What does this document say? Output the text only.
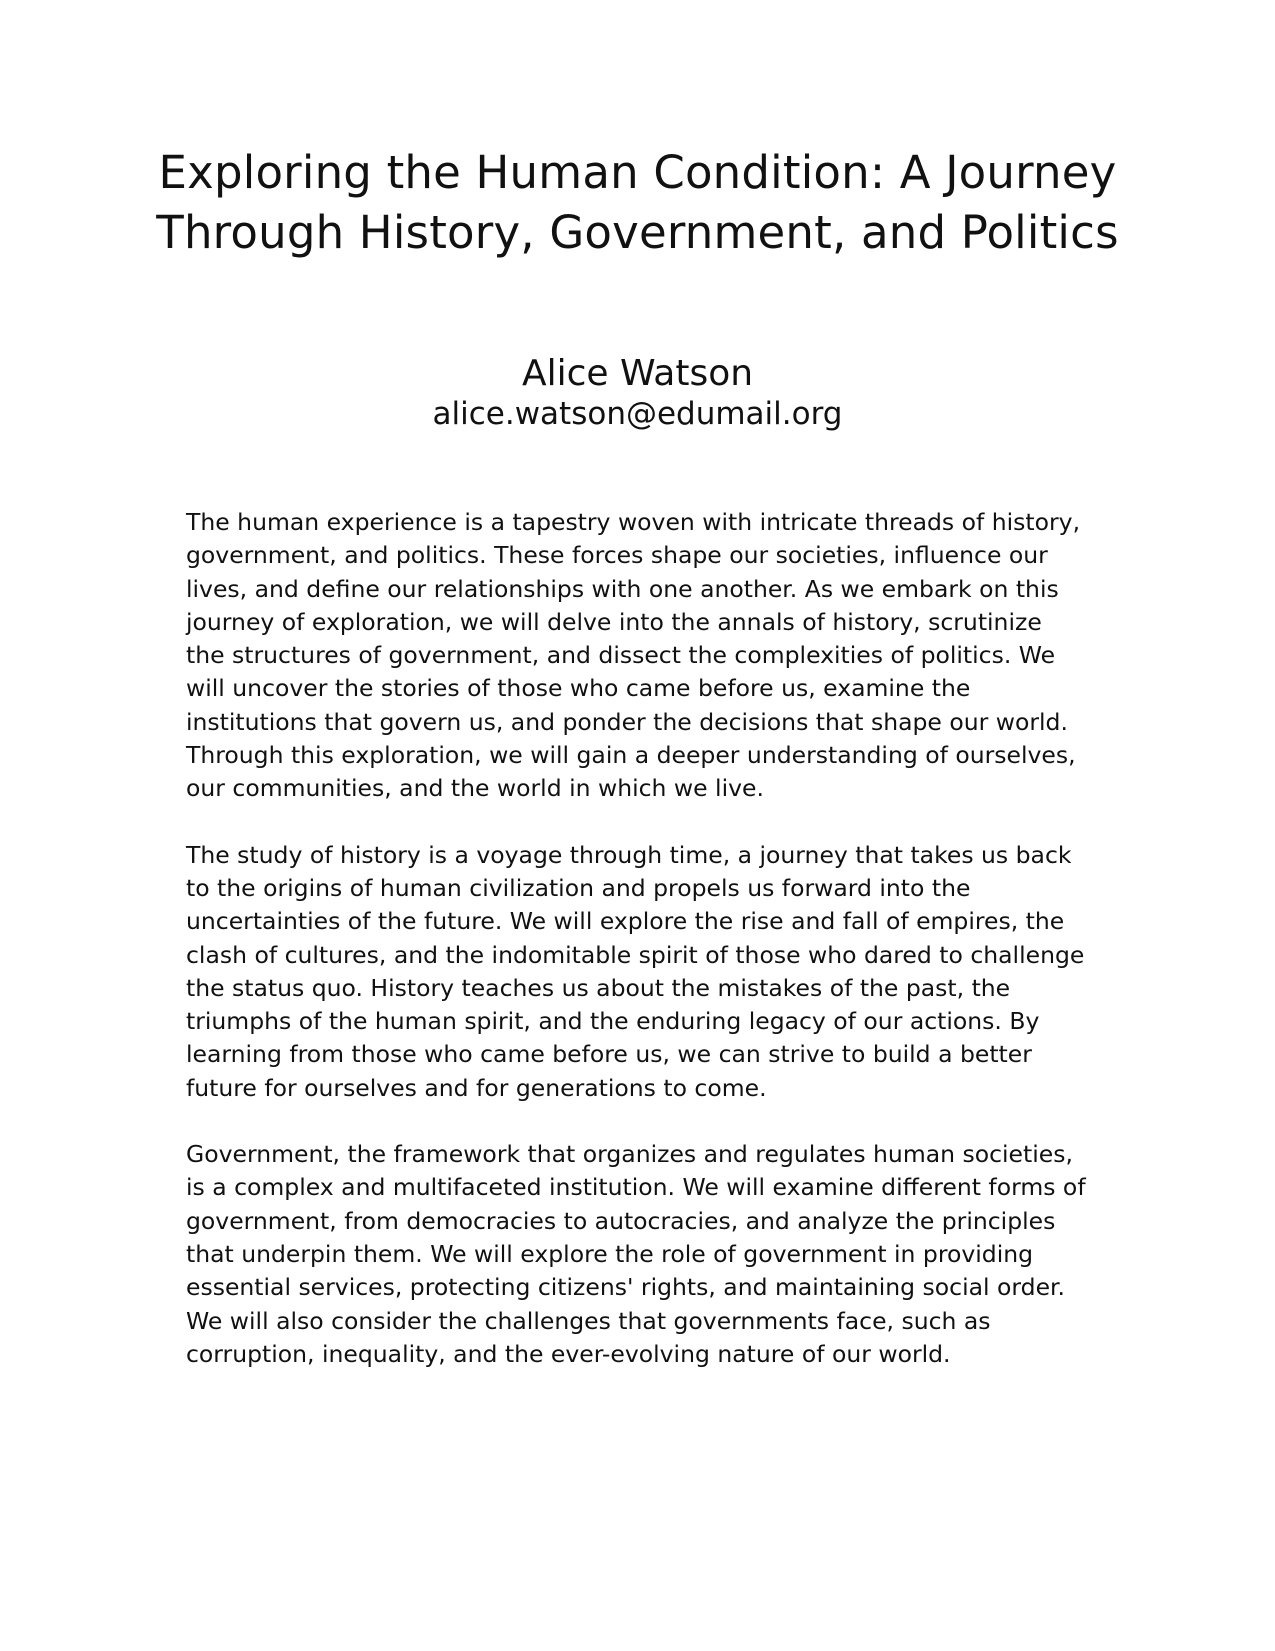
Exploring the Human Condition: A Journey Through History, Government, and Politics

Alice Watson

alice.watson@edumail.org

The human experience is a tapestry woven with intricate threads of history, government, and politics. These forces shape our societies, influence our lives, and define our relationships with one another. As we embark on this journey of exploration, we will delve into the annals of history, scrutinize the structures of government, and dissect the complexities of politics. We will uncover the stories of those who came before us, examine the institutions that govern us, and ponder the decisions that shape our world. Through this exploration, we will gain a deeper understanding of ourselves, our communities, and the world in which we live.

The study of history is a voyage through time, a journey that takes us back to the origins of human civilization and propels us forward into the uncertainties of the future. We will explore the rise and fall of empires, the clash of cultures, and the indomitable spirit of those who dared to challenge the status quo. History teaches us about the mistakes of the past, the triumphs of the human spirit, and the enduring legacy of our actions. By learning from those who came before us, we can strive to build a better future for ourselves and for generations to come.

Government, the framework that organizes and regulates human societies, is a complex and multifaceted institution. We will examine different forms of government, from democracies to autocracies, and analyze the principles that underpin them. We will explore the role of government in providing essential services, protecting citizens' rights, and maintaining social order. We will also consider the challenges that governments face, such as corruption, inequality, and the ever-evolving nature of our world.
